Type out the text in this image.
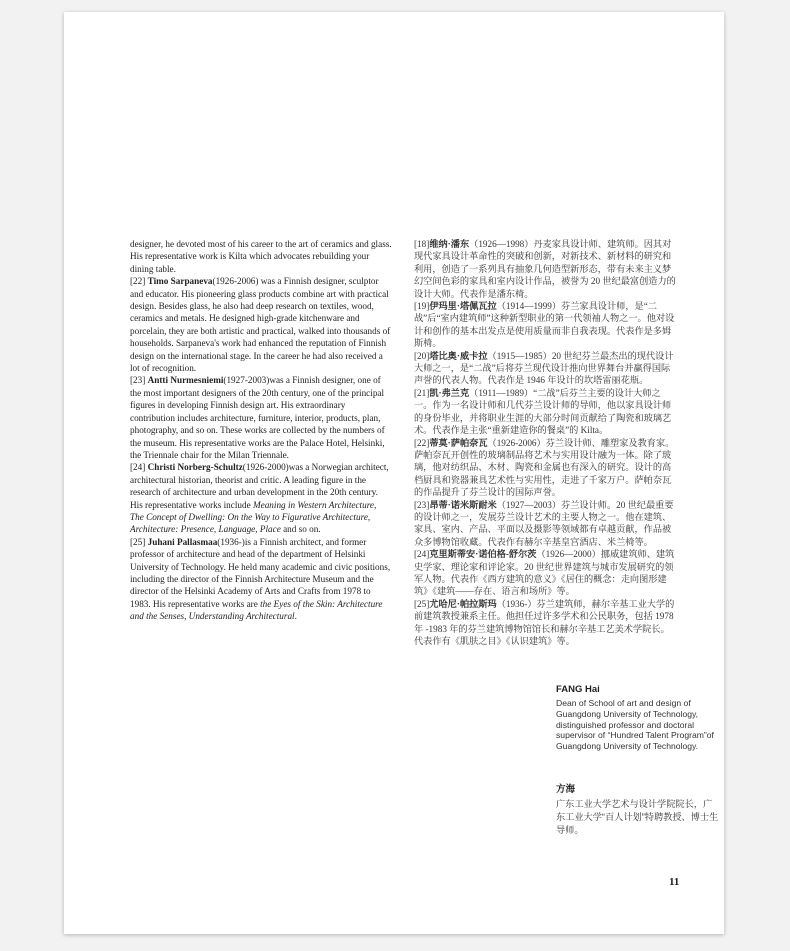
designer, he devoted most of his career to the art of ceramics and glass. His representative work is Kilta which advocates rebuilding your dining table.

[22] Timo Sarpaneva(1926-2006) was a Finnish designer, sculptor and educator. His pioneering glass products combine art with practical design. Besides glass, he also had deep research on textiles, wood, ceramics and metals. He designed high-grade kitchenware and porcelain, they are both artistic and practical, walked into thousands of households. Sarpaneva's work had enhanced the reputation of Finnish design on the international stage. In the career he had also received a lot of recognition.

[23] Antti Nurmesniemi(1927-2003)was a Finnish designer, one of the most important designers of the 20th century, one of the principal figures in developing Finnish design art. His extraordinary contribution includes architecture, furniture, interior, products, plan, photography, and so on. These works are collected by the numbers of the museum. His representative works are the Palace Hotel, Helsinki, the Triennale chair for the Milan Triennale.

[24] Christi Norberg-Schultz(1926-2000)was a Norwegian architect, architectural historian, theorist and critic. A leading figure in the research of architecture and urban development in the 20th century. His representative works include Meaning in Western Architecture, The Concept of Dwelling: On the Way to Figurative Architecture, Architecture: Presence, Language, Place and so on.

[25] Juhani Pallasmaa(1936-)is a Finnish architect, and former professor of architecture and head of the department of Helsinki University of Technology. He held many academic and civic positions, including the director of the Finnish Architecture Museum and the director of the Helsinki Academy of Arts and Crafts from 1978 to 1983. His representative works are the Eyes of the Skin: Architecture and the Senses, Understanding Architectural.

[18]维纳·潘东（1926—1998）丹麦家具设计师、建筑师。因其对现代家具设计革命性的突破和创新，对新技术、新材料的研究和利用，创造了一系列具有抽象几何造型新形态，带有未来主义梦幻空间色彩的家具和室内设计作品，被誉为 20 世纪最富创造力的设计大师。代表作是潘东椅。

[19]伊玛里·塔佩瓦拉（1914—1999）芬兰家具设计师，是“二战”后“室内建筑师”这种新型职业的第一代领袖人物之一。他对设计和创作的基本出发点是使用质量而非自我表现。代表作是多姆斯椅。

[20]塔比奥·威卡拉（1915—1985）20 世纪芬兰最杰出的现代设计大师之一，是“二战”后将芬兰现代设计推向世界舞台并赢得国际声誉的代表人物。代表作是 1946 年设计的坎塔雷丽花瓶。

[21]凯·弗兰克（1911—1989）“二战”后芬兰主要的设计大师之一。作为一名设计师和几代芬兰设计师的导师，他以家具设计师的身份毕业，并将职业生涯的大部分时间贡献给了陶瓷和玻璃艺术。代表作是主张“重新建造你的餐桌”的 Kilta。

[22]蒂莫·萨帕奈瓦（1926-2006）芬兰设计师、雕塑家及教育家。萨帕奈瓦开创性的玻璃制品将艺术与实用设计融为一体。除了玻璃，他对纺织品、木材、陶瓷和金属也有深入的研究。设计的高档厨具和瓷器兼具艺术性与实用性，走进了千家万户。萨帕奈瓦的作品提升了芬兰设计的国际声誉。

[23]昂蒂·诺米斯耐米（1927—2003）芬兰设计师。20 世纪最重要的设计师之一，发展芬兰设计艺术的主要人物之一。他在建筑、家具、室内、产品、平面以及摄影等领域都有卓越贡献，作品被众多博物馆收藏。代表作有赫尔辛基皇宫酒店、米兰椅等。

[24]克里斯蒂安·诺伯格-舒尔茨（1926—2000）挪威建筑师、建筑史学家、理论家和评论家。20 世纪世界建筑与城市发展研究的领军人物。代表作《西方建筑的意义》《居住的概念：走向图形建筑》《建筑——存在、语言和场所》等。

[25]尤哈尼·帕拉斯玛（1936-）芬兰建筑师，赫尔辛基工业大学的前建筑教授兼系主任。他担任过许多学术和公民职务，包括 1978 年 -1983 年的芬兰建筑博物馆馆长和赫尔辛基工艺美术学院长。代表作有《肌肤之目》《认识建筑》等。

FANG Hai
Dean of School of art and design of Guangdong University of Technology, distinguished professor and doctoral supervisor of “Hundred Talent Program”of Guangdong University of Technology.
方海
广东工业大学艺术与设计学院院长，广东工业大学“百人计划”特聘教授、博士生导师。
11
